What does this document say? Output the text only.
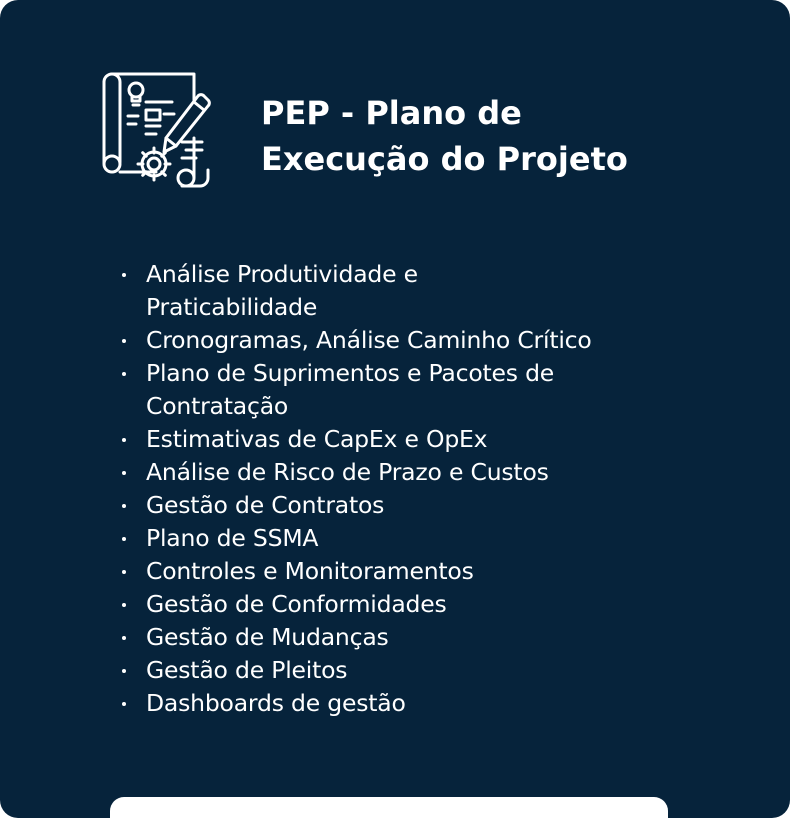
PEP - Plano de
Execução do Projeto
Análise Produtividade e
Praticabilidade
Cronogramas, Análise Caminho Crítico
Plano de Suprimentos e Pacotes de
Contratação
Estimativas de CapEx e OpEx
Análise de Risco de Prazo e Custos
Gestão de Contratos
Plano de SSMA
Controles e Monitoramentos
Gestão de Conformidades
Gestão de Mudanças
Gestão de Pleitos
Dashboards de gestão
